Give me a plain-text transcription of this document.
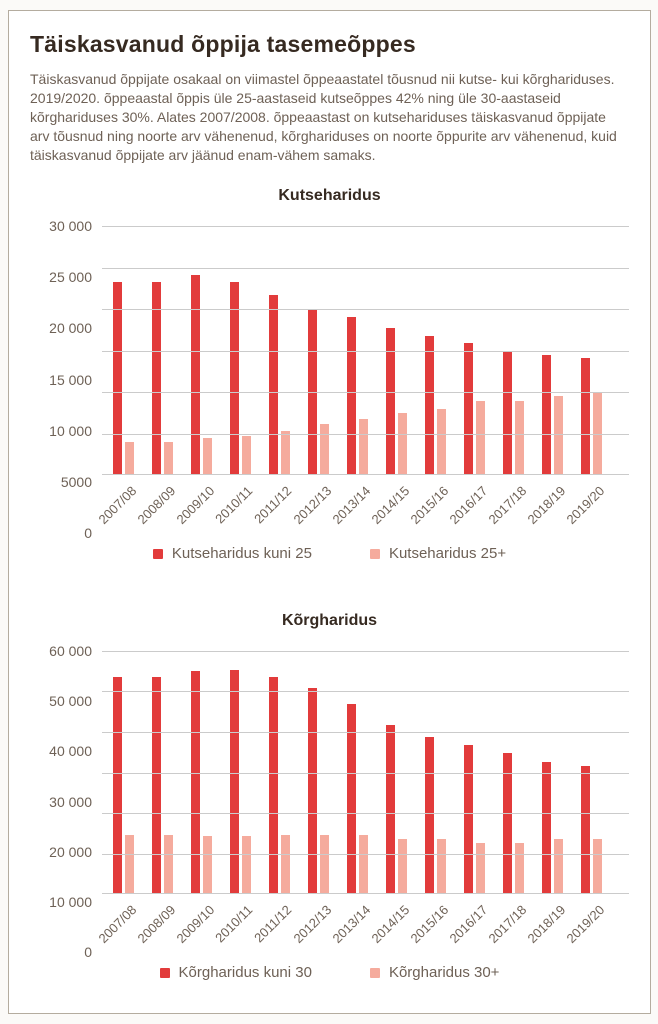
Täiskasvanud õppija tasemeõppes

Täiskasvanud õppijate osakaal on viimastel õppeaastatel tõusnud nii kutse- kui kõrghariduses. 2019/2020. õppeaastal õppis üle 25-aastaseid kutseõppes 42% ning üle 30-aastaseid kõrghariduses 30%. Alates 2007/2008. õppeaastast on kutsehariduses täiskasvanud õppijate arv tõusnud ning noorte arv vähenenud, kõrghariduses on noorte õppurite arv vähenenud, kuid täiskasvanud õppijate arv jäänud enam-vähem samaks.

Kutseharidus
30 000
25 000
20 000
15 000
10 000
5000
0
2007/08
2008/09
2009/10
2010/11
2011/12
2012/13
2013/14
2014/15
2015/16
2016/17
2017/18
2018/19
2019/20
Kutseharidus kuni 25	Kutseharidus 25+
Kõrgharidus
60 000
50 000
40 000
30 000
20 000
10 000
0
2007/08
2008/09
2009/10
2010/11
2011/12
2012/13
2013/14
2014/15
2015/16
2016/17
2017/18
2018/19
2019/20
Kõrgharidus kuni 30	Kõrgharidus 30+
